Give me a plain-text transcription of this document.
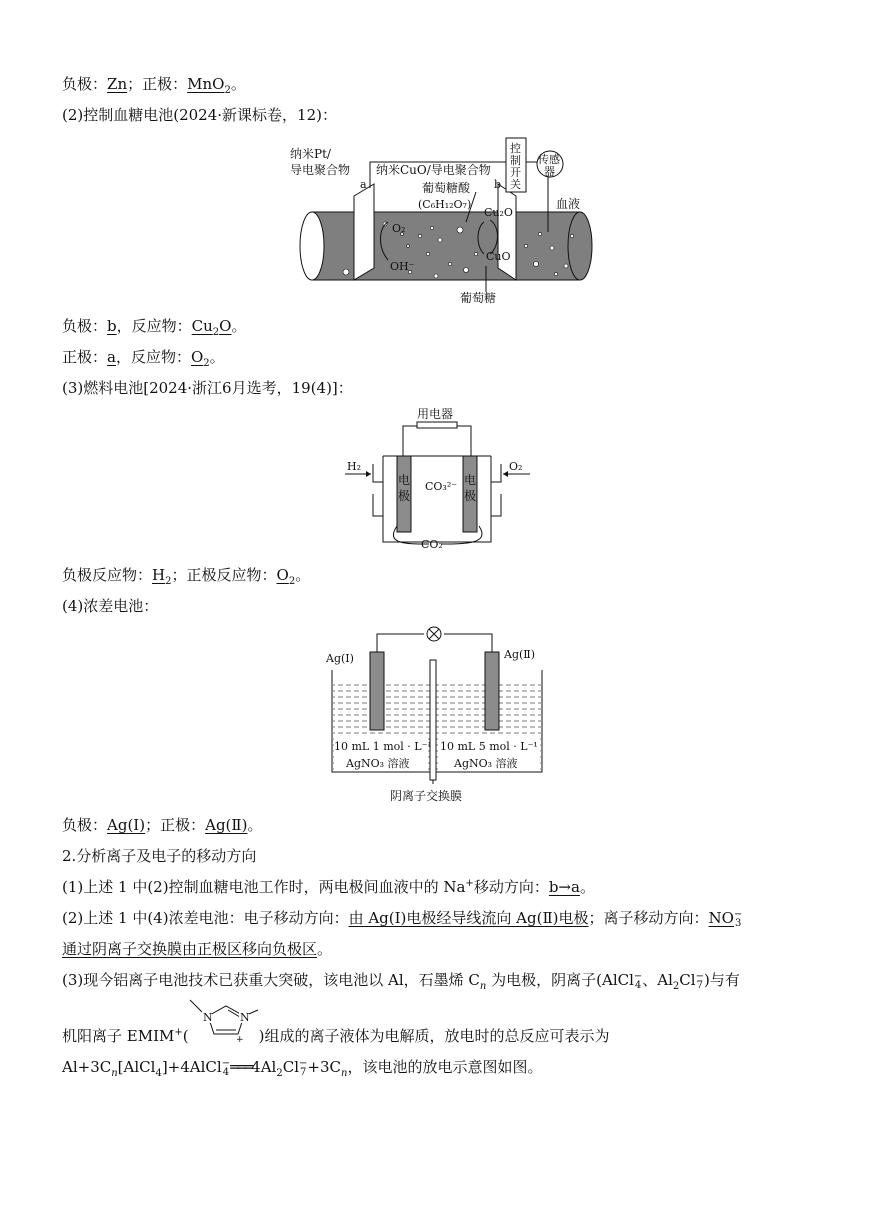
负极：Zn；正极：MnO$_2$。
(2)控制血糖电池(2024·新课标卷，12)：
纳米Pt/
导电聚合物
a
纳米CuO/导电聚合物
b
控
制
开
关
传感
器
血液
葡萄糖酸
(C₆H₁₂O₇)
O₂
OH⁻
Cu₂O
CuO
葡萄糖
负极：b，反应物：$Cu_2O$。
正极：a，反应物：$O_2$。
(3)燃料电池[2024·浙江6月选考，19(4)]：
用电器
电
极
电
极
CO₃²⁻
H₂	O₂
CO₂
负极反应物：$H_2$；正极反应物：$O_2$。
(4)浓差电池：
Ag(Ⅰ)	Ag(Ⅱ)
10 mL 1 mol · L⁻¹
AgNO₃ 溶液
10 mL 5 mol · L⁻¹
AgNO₃ 溶液
阴离子交换膜
负极：Ag(Ⅰ)；正极：Ag(Ⅱ)。
2.分析离子及电子的移动方向
(1)上述 1 中(2)控制血糖电池工作时，两电极间血液中的 Na+移动方向：b→a。
(2)上述 1 中(4)浓差电池：电子移动方向：由 Ag(Ⅰ)电极经导线流向 Ag(Ⅱ)电极；离子移动方向：NO −
3
通过阴离子交换膜由正极区移向负极区。
(3)现今铝离子电池技术已获重大突破，该电池以 Al，石墨烯 $C_n$ 为电极，阴离子(AlCl −
4 、$Al_2Cl$ −
7 )与有
N N
+
机阳离子 EMIM+(	)组成的离子液体为电解质，放电时的总反应可表示为
$Al+3C_n[AlCl_4]+4AlCl$ −
4 $═══4Al_2Cl$ −
$7 +3C_n$，该电池的放电示意图如图。
